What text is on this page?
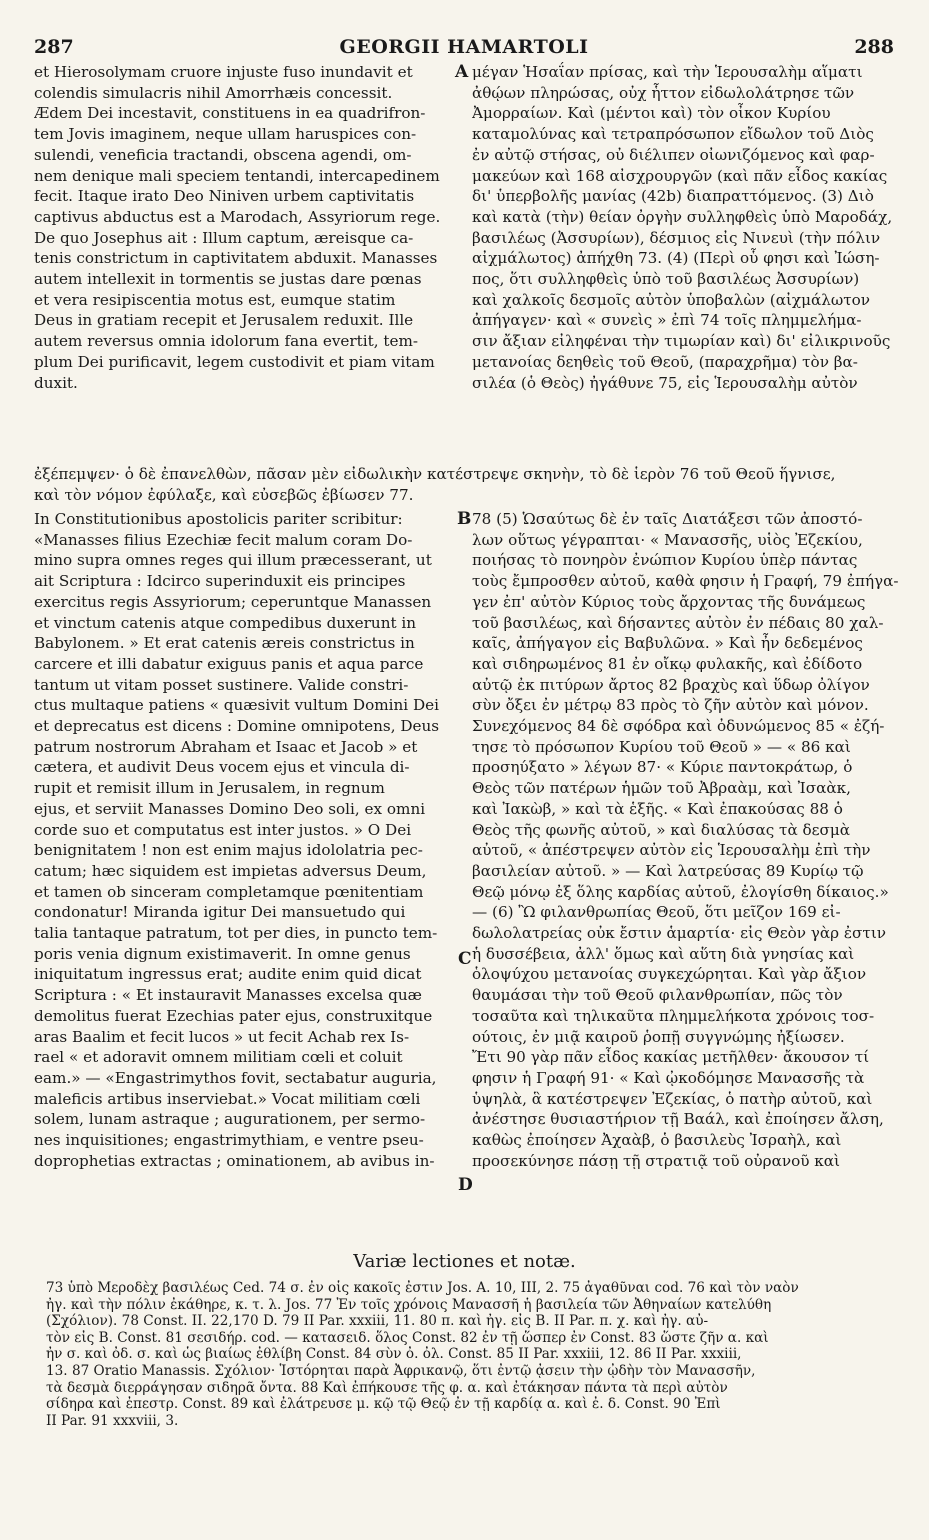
287	GEORGII HAMARTOLI	288
A
B
C
D

et Hierosolymam cruore injuste fuso inundavit et

colendis simulacris nihil Amorrhæis concessit.

Ædem Dei incestavit, constituens in ea quadrifron-

tem Jovis imaginem, neque ullam haruspices con-

sulendi, veneficia tractandi, obscena agendi, om-

nem denique mali speciem tentandi, intercapedinem

fecit. Itaque irato Deo Niniven urbem captivitatis

captivus abductus est a Marodach, Assyriorum rege.

De quo Josephus ait : Illum captum, æreisque ca-

tenis constrictum in captivitatem abduxit. Manasses

autem intellexit in tormentis se justas dare pœnas

et vera resipiscentia motus est, eumque statim

Deus in gratiam recepit et Jerusalem reduxit. Ille

autem reversus omnia idolorum fana evertit, tem-

plum Dei purificavit, legem custodivit et piam vitam

duxit.

μέγαν Ἡσαΐαν πρίσας, καὶ τὴν Ἱερουσαλὴμ αἵματι

ἀθῴων πληρώσας, οὐχ ἧττον εἰδωλολάτρησε τῶν

Ἀμορραίων. Καὶ (μέντοι καὶ) τὸν οἶκον Κυρίου

καταμολύνας καὶ τετραπρόσωπον εἴδωλον τοῦ Διὸς

ἐν αὐτῷ στήσας, οὐ διέλιπεν οἰωνιζόμενος καὶ φαρ-

μακεύων καὶ 168 αἰσχρουργῶν (καὶ πᾶν εἶδος κακίας

δι' ὑπερβολῆς μανίας (42b) διαπραττόμενος. (3) Διὸ

καὶ κατὰ (τὴν) θείαν ὀργὴν συλληφθεὶς ὑπὸ Μαροδάχ,

βασιλέως (Ἀσσυρίων), δέσμιος εἰς Νινευὶ (τὴν πόλιν

αἰχμάλωτος) ἀπήχθη 73. (4) (Περὶ οὗ φησι καὶ Ἰώση-

πος, ὅτι συλληφθεὶς ὑπὸ τοῦ βασιλέως Ἀσσυρίων)

καὶ χαλκοῖς δεσμοῖς αὐτὸν ὑποβαλὼν (αἰχμάλωτον

ἀπήγαγεν· καὶ « συνεὶς » ἐπὶ 74 τοῖς πλημμελήμα-

σιν ἄξιαν εἰληφέναι τὴν τιμωρίαν καὶ) δι' εἰλικρινοῦς

μετανοίας δεηθεὶς τοῦ Θεοῦ, (παραχρῆμα) τὸν βα-

σιλέα (ὁ Θεὸς) ἠγάθυνε 75, εἰς Ἱερουσαλὴμ αὐτὸν

ἐξέπεμψεν· ὁ δὲ ἐπανελθὼν, πᾶσαν μὲν εἰδωλικὴν κατέστρεψε σκηνὴν, τὸ δὲ ἱερὸν 76 τοῦ Θεοῦ ἥγνισε,

καὶ τὸν νόμον ἐφύλαξε, καὶ εὐσεβῶς ἐβίωσεν 77.

In Constitutionibus apostolicis pariter scribitur:

«Manasses filius Ezechiæ fecit malum coram Do-

mino supra omnes reges qui illum præcesserant, ut

ait Scriptura : Idcirco superinduxit eis principes

exercitus regis Assyriorum; ceperuntque Manassen

et vinctum catenis atque compedibus duxerunt in

Babylonem. » Et erat catenis æreis constrictus in

carcere et illi dabatur exiguus panis et aqua parce

tantum ut vitam posset sustinere. Valide constri-

ctus multaque patiens « quæsivit vultum Domini Dei

et deprecatus est dicens : Domine omnipotens, Deus

patrum nostrorum Abraham et Isaac et Jacob » et

cætera, et audivit Deus vocem ejus et vincula di-

rupit et remisit illum in Jerusalem, in regnum

ejus, et serviit Manasses Domino Deo soli, ex omni

corde suo et computatus est inter justos. » O Dei

benignitatem ! non est enim majus idololatria pec-

catum; hæc siquidem est impietas adversus Deum,

et tamen ob sinceram completamque pœnitentiam

condonatur! Miranda igitur Dei mansuetudo qui

talia tantaque patratum, tot per dies, in puncto tem-

poris venia dignum existimaverit. In omne genus

iniquitatum ingressus erat; audite enim quid dicat

Scriptura : « Et instauravit Manasses excelsa quæ

demolitus fuerat Ezechias pater ejus, construxitque

aras Baalim et fecit lucos » ut fecit Achab rex Is-

rael « et adoravit omnem militiam cœli et coluit

eam.» — «Engastrimythos fovit, sectabatur auguria,

maleficis artibus inserviebat.» Vocat militiam cœli

solem, lunam astraque ; augurationem, per sermo-

nes inquisitiones; engastrimythiam, e ventre pseu-

doprophetias extractas ; ominationem, ab avibus in-

78 (5) Ὡσαύτως δὲ ἐν ταῖς Διατάξεσι τῶν ἀποστό-

λων οὕτως γέγραπται· « Μανασσῆς, υἱὸς Ἐζεκίου,

ποιήσας τὸ πονηρὸν ἐνώπιον Κυρίου ὑπὲρ πάντας

τοὺς ἔμπροσθεν αὐτοῦ, καθὰ φησιν ἡ Γραφή, 79 ἐπήγα-

γεν ἐπ' αὐτὸν Κύριος τοὺς ἄρχοντας τῆς δυνάμεως

τοῦ βασιλέως, καὶ δήσαντες αὐτὸν ἐν πέδαις 80 χαλ-

καῖς, ἀπήγαγον εἰς Βαβυλῶνα. » Καὶ ἦν δεδεμένος

καὶ σιδηρωμένος 81 ἐν οἴκῳ φυλακῆς, καὶ ἐδίδοτο

αὐτῷ ἐκ πιτύρων ἄρτος 82 βραχὺς καὶ ὕδωρ ὀλίγον

σὺν ὄξει ἐν μέτρῳ 83 πρὸς τὸ ζῆν αὐτὸν καὶ μόνον.

Συνεχόμενος 84 δὲ σφόδρα καὶ ὀδυνώμενος 85 « ἐζή-

τησε τὸ πρόσωπον Κυρίου τοῦ Θεοῦ » — « 86 καὶ

προσηύξατο » λέγων 87· « Κύριε παντοκράτωρ, ὁ

Θεὸς τῶν πατέρων ἡμῶν τοῦ Ἀβραὰμ, καὶ Ἰσαὰκ,

καὶ Ἰακὼβ, » καὶ τὰ ἑξῆς. « Καὶ ἐπακούσας 88 ὁ

Θεὸς τῆς φωνῆς αὐτοῦ, » καὶ διαλύσας τὰ δεσμὰ

αὐτοῦ, « ἀπέστρεψεν αὐτὸν εἰς Ἱερουσαλὴμ ἐπὶ τὴν

βασιλείαν αὐτοῦ. » — Καὶ λατρεύσας 89 Κυρίῳ τῷ

Θεῷ μόνῳ ἐξ ὅλης καρδίας αὐτοῦ, ἐλογίσθη δίκαιος.»

— (6) Ὢ φιλανθρωπίας Θεοῦ, ὅτι μεῖζον 169 εἰ-

δωλολατρείας οὐκ ἔστιν ἁμαρτία· εἰς Θεὸν γὰρ ἐστιν

ἡ δυσσέβεια, ἀλλ' ὅμως καὶ αὕτη διὰ γνησίας καὶ

ὁλοψύχου μετανοίας συγκεχώρηται. Καὶ γὰρ ἄξιον

θαυμάσαι τὴν τοῦ Θεοῦ φιλανθρωπίαν, πῶς τὸν

τοσαῦτα καὶ τηλικαῦτα πλημμελήκοτα χρόνοις τοσ-

ούτοις, ἐν μιᾷ καιροῦ ῥοπῇ συγγνώμης ἠξίωσεν.

Ἔτι 90 γὰρ πᾶν εἶδος κακίας μετῆλθεν· ἄκουσον τί

φησιν ἡ Γραφή 91· « Καὶ ᾠκοδόμησε Μανασσῆς τὰ

ὑψηλὰ, ἃ κατέστρεψεν Ἐζεκίας, ὁ πατὴρ αὐτοῦ, καὶ

ἀνέστησε θυσιαστήριον τῇ Βαάλ, καὶ ἐποίησεν ἄλση,

καθὼς ἐποίησεν Ἀχαὰβ, ὁ βασιλεὺς Ἰσραὴλ, καὶ

προσεκύνησε πάσῃ τῇ στρατιᾷ τοῦ οὐρανοῦ καὶ

Variæ lectiones et notæ.

73 ὑπὸ Μεροδὲχ βασιλέως Ced. 74 σ. ἐν οἷς κακοῖς ἐστιν Jos. A. 10, III, 2. 75 ἀγαθῦναι cod. 76 καὶ τὸν ναὸν

ἠγ. καὶ τὴν πόλιν ἐκάθηρε, κ. τ. λ. Jos. 77 Ἐν τοῖς χρόνοις Μανασσῆ ἡ βασιλεία τῶν Ἀθηναίων κατελύθη

(Σχόλιον). 78 Const. II. 22,170 D. 79 II Par. xxxiii, 11. 80 π. καὶ ἠγ. εἰς B. II Par. π. χ. καὶ ἠγ. αὐ-

τὸν εἰς B. Const. 81 σεσιδήρ. cod. — κατασειδ. ὅλος Const. 82 ἐν τῇ ὥσπερ ἐν Const. 83 ὥστε ζῆν α. καὶ

ἦν σ. καὶ ὀδ. σ. καὶ ὡς βιαίως ἐθλίβη Const. 84 σὺν ὀ. ὀλ. Const. 85 II Par. xxxiii, 12. 86 II Par. xxxiii,

13. 87 Oratio Manassis. Σχόλιον· Ἱστόρηται παρὰ Ἀφρικανῷ, ὅτι ἐντῷ ᾆσειν τὴν ᾠδὴν τὸν Μανασσῆν,

τὰ δεσμὰ διερράγησαν σιδηρᾶ ὄντα. 88 Καὶ ἐπήκουσε τῆς φ. α. καὶ ἐτάκησαν πάντα τὰ περὶ αὐτὸν

σίδηρα καὶ ἐπεστρ. Const. 89 καὶ ἐλάτρευσε μ. κῷ τῷ Θεῷ ἐν τῇ καρδίᾳ α. καὶ ἐ. δ. Const. 90 Ἐπὶ

II Par. 91 xxxviii, 3.
